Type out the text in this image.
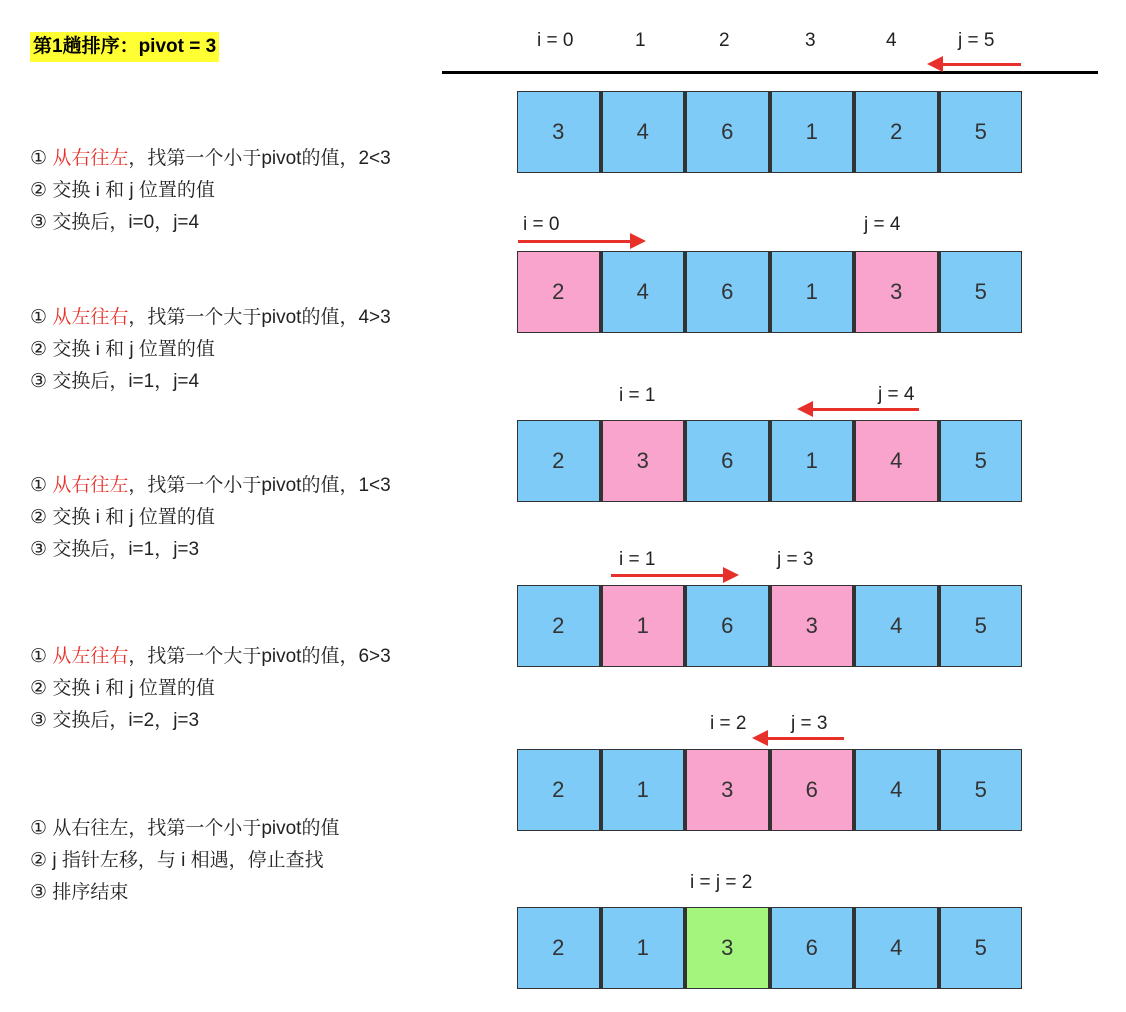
第1趟排序：pivot = 3	i = 0	1	2	3	4	j = 5
3	4	6	1	2	5
2	4	6	1	3	5
2	3	6	1	4	5
2	1	6	3	4	5
2	1	3	6	4	5
2	1	3	6	4	5
i = 0	j = 4
i = 1	j = 4
i = 1	j = 3
i = 2 j = 3
i = j = 2
① 从右往左，找第一个小于pivot的值，2<3
② 交换 i 和 j 位置的值
③ 交换后，i=0，j=4
① 从左往右，找第一个大于pivot的值，4>3
② 交换 i 和 j 位置的值
③ 交换后，i=1，j=4
① 从右往左，找第一个小于pivot的值，1<3
② 交换 i 和 j 位置的值
③ 交换后，i=1，j=3
① 从左往右，找第一个大于pivot的值，6>3
② 交换 i 和 j 位置的值
③ 交换后，i=2，j=3
① 从右往左，找第一个小于pivot的值
② j 指针左移，与 i 相遇，停止查找
③ 排序结束
